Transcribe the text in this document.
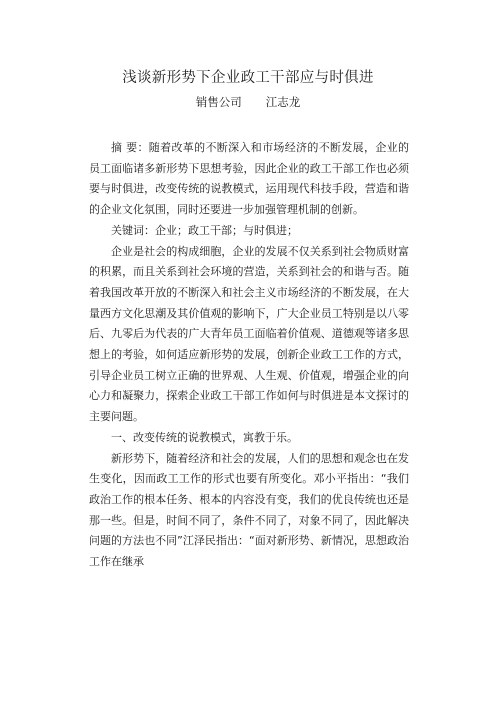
浅谈新形势下企业政工干部应与时俱进
销售公司 江志龙

摘 要：随着改革的不断深入和市场经济的不断发展，企业的员工面临诸多新形势下思想考验，因此企业的政工干部工作也必须要与时俱进，改变传统的说教模式，运用现代科技手段，营造和谐的企业文化氛围，同时还要进一步加强管理机制的创新。

关键词：企业；政工干部；与时俱进；

企业是社会的构成细胞，企业的发展不仅关系到社会物质财富的积累，而且关系到社会环境的营造，关系到社会的和谐与否。随着我国改革开放的不断深入和社会主义市场经济的不断发展，在大量西方文化思潮及其价值观的影响下，广大企业员工特别是以八零后、九零后为代表的广大青年员工面临着价值观、道德观等诸多思想上的考验，如何适应新形势的发展，创新企业政工工作的方式，引导企业员工树立正确的世界观、人生观、价值观，增强企业的向心力和凝聚力，探索企业政工干部工作如何与时俱进是本文探讨的主要问题。

一、改变传统的说教模式，寓教于乐。

新形势下，随着经济和社会的发展，人们的思想和观念也在发生变化，因而政工工作的形式也要有所变化。邓小平指出：“我们政治工作的根本任务、根本的内容没有变，我们的优良传统也还是那一些。但是，时间不同了，条件不同了，对象不同了，因此解决问题的方法也不同”江泽民指出：“面对新形势、新情况，思想政治工作在继承
